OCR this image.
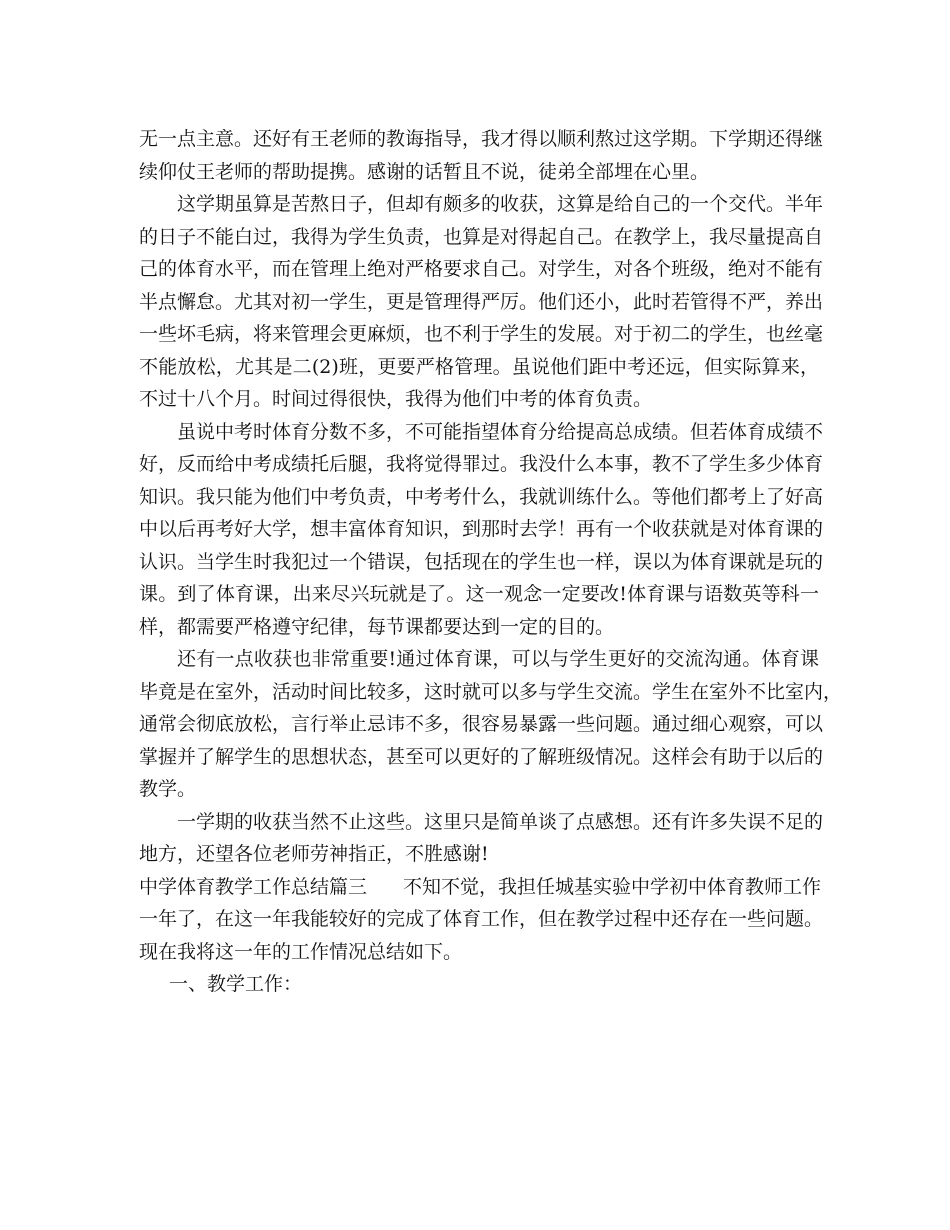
无一点主意。还好有王老师的教诲指导，我才得以顺利熬过这学期。下学期还得继
续仰仗王老师的帮助提携。感谢的话暂且不说，徒弟全部埋在心里。
这学期虽算是苦熬日子，但却有颇多的收获，这算是给自己的一个交代。半年
的日子不能白过，我得为学生负责，也算是对得起自己。在教学上，我尽量提高自
己的体育水平，而在管理上绝对严格要求自己。对学生，对各个班级，绝对不能有
半点懈怠。尤其对初一学生，更是管理得严厉。他们还小，此时若管得不严，养出
一些坏毛病，将来管理会更麻烦，也不利于学生的发展。对于初二的学生，也丝毫
不能放松，尤其是二(2)班，更要严格管理。虽说他们距中考还远，但实际算来，
不过十八个月。时间过得很快，我得为他们中考的体育负责。
虽说中考时体育分数不多，不可能指望体育分给提高总成绩。但若体育成绩不
好，反而给中考成绩托后腿，我将觉得罪过。我没什么本事，教不了学生多少体育
知识。我只能为他们中考负责，中考考什么，我就训练什么。等他们都考上了好高
中以后再考好大学，想丰富体育知识，到那时去学！再有一个收获就是对体育课的
认识。当学生时我犯过一个错误，包括现在的学生也一样，误以为体育课就是玩的
课。到了体育课，出来尽兴玩就是了。这一观念一定要改!体育课与语数英等科一
样，都需要严格遵守纪律，每节课都要达到一定的目的。
还有一点收获也非常重要!通过体育课，可以与学生更好的交流沟通。体育课
毕竟是在室外，活动时间比较多，这时就可以多与学生交流。学生在室外不比室内，
通常会彻底放松，言行举止忌讳不多，很容易暴露一些问题。通过细心观察，可以
掌握并了解学生的思想状态，甚至可以更好的了解班级情况。这样会有助于以后的
教学。
一学期的收获当然不止这些。这里只是简单谈了点感想。还有许多失误不足的
地方，还望各位老师劳神指正，不胜感谢!
中学体育教学工作总结篇三 不知不觉，我担任城基实验中学初中体育教师工作
一年了，在这一年我能较好的完成了体育工作，但在教学过程中还存在一些问题。
现在我将这一年的工作情况总结如下。
一、教学工作：
